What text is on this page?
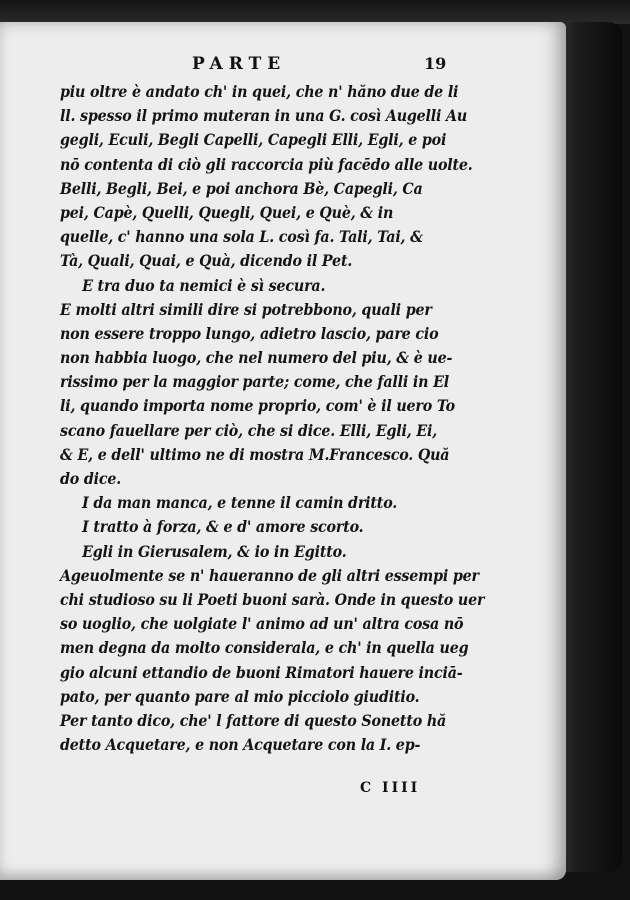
PARTE	19
piu oltre è andato ch' in quei, che n' hăno due de li
ll. spesso il primo muteran in una G. così Augelli Au
gegli, Eculi, Begli Capelli, Capegli Elli, Egli, e poi
nō contenta di ciò gli raccorcia più facēdo alle uolte.
Belli, Begli, Bei, e poi anchora Bè, Capegli, Ca
pei, Capè, Quelli, Quegli, Quei, e Què, & in
quelle, c' hanno una sola L. così fa. Tali, Tai, &
Tà, Quali, Quai, e Quà, dicendo il Pet.
E tra duo ta nemici è sì secura.
E molti altri simili dire si potrebbono, quali per
non essere troppo lungo, adietro lascio, pare cio
non habbia luogo, che nel numero del piu, & è ue-
rissimo per la maggior parte; come, che falli in El
li, quando importa nome proprio, com' è il uero To
scano fauellare per ciò, che si dice. Elli, Egli, Ei,
& E, e dell' ultimo ne di mostra M.Francesco. Quă
do dice.
I da man manca, e tenne il camin dritto.
I tratto à forza, & e d' amore scorto.
Egli in Gierusalem, & io in Egitto.
Ageuolmente se n' haueranno de gli altri essempi per
chi studioso su li Poeti buoni sarà. Onde in questo uer
so uoglio, che uolgiate l' animo ad un' altra cosa nō
men degna da molto considerala, e ch' in quella ueg
gio alcuni ettandio de buoni Rimatori hauere inciā-
pato, per quanto pare al mio picciolo giuditio.
Per tanto dico, che' l fattore di questo Sonetto hă
detto Acquetare, e non Acquetare con la I. ep-
C IIII
